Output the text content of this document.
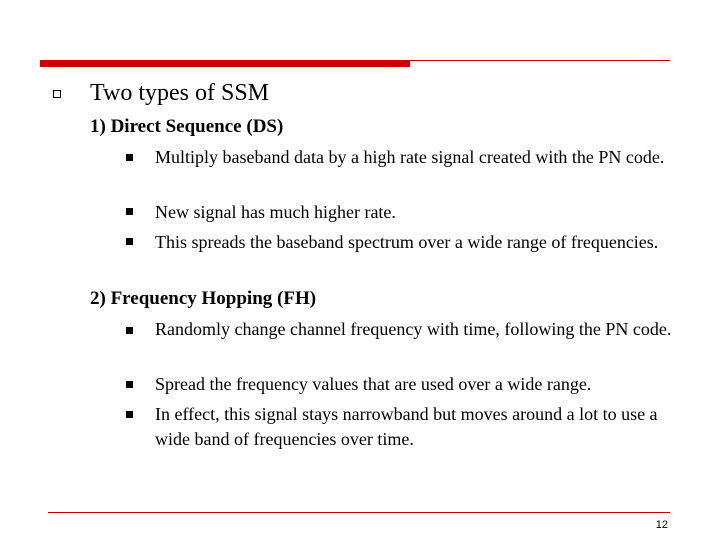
Two types of SSM
1) Direct Sequence (DS)
Multiply baseband data by a high rate signal created with the PN code.
New signal has much higher rate.
This spreads the baseband spectrum over a wide range of frequencies.
2) Frequency Hopping (FH)
Randomly change channel frequency with time, following the PN code.
Spread the frequency values that are used over a wide range.
In effect, this signal stays narrowband but moves around a lot to use a wide band of frequencies over time.
12
